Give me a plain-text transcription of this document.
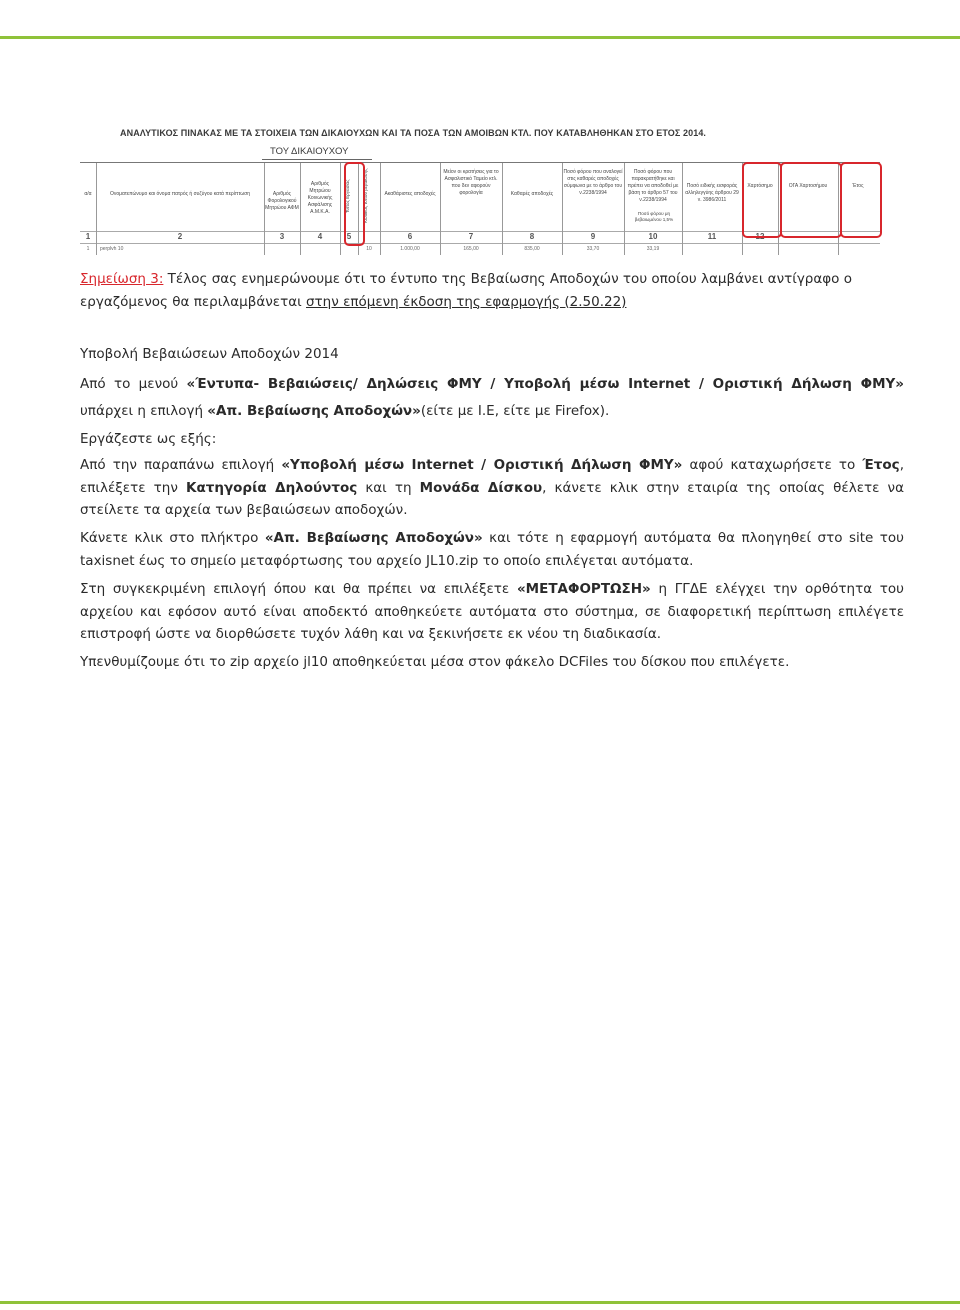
ΑΝΑΛΥΤΙΚΟΣ ΠΙΝΑΚΑΣ ΜΕ ΤΑ ΣΤΟΙΧΕΙΑ ΤΩΝ ΔΙΚΑΙΟΥΧΩΝ ΚΑΙ ΤΑ ΠΟΣΑ ΤΩΝ ΑΜΟΙΒΩΝ ΚΤΛ. ΠΟΥ ΚΑΤΑΒΛΗΘΗΚΑΝ ΣΤΟ ΕΤΟΣ 2014.
ΤΟΥ ΔΙΚΑΙΟΥΧΟΥ
α/α
1
1
Ονοματεπώνυμο και όνομα πατρός ή συζύγου κατά περίπτωση
2
perplvh 10
Αριθμός Φορολογικού Μητρώου ΑΦΜ
3
Αριθμός Μητρώου Κοινωνικής Ασφάλισης Α.Μ.Κ.Α.
4
Τύπος Εργασίας
5
Κωδικός τύπου βεβαίωσης
10
Ακαθάριστες αποδοχές
6
1.000,00
Μείον οι κρατήσεις για το Ασφαλιστικό Ταμείο κτλ. που δεν αφορούν φορολογία
7
165,00
Καθαρές αποδοχές
8
835,00
Ποσό φόρου που αναλογεί στις καθαρές αποδοχές σύμφωνα με το άρθρο του ν.2238/1994
9
33,70
Ποσό φόρου που παρακρατήθηκε και πρέπει να αποδοθεί με βάση το άρθρο 57 του ν.2238/1994
10
33,19
Ποσό ειδικής εισφοράς αλληλεγγύης άρθρου 29 ν. 3986/2011
11
Χαρτόσημο
12
ΟΓΑ Χαρτοσήμου	Έτος
Ποσό φόρου μη βεβαιωμένου 1,5%
Σημείωση 3: Τέλος σας ενημερώνουμε ότι το έντυπο της Βεβαίωσης Αποδοχών του οποίου λαμβάνει αντίγραφο ο εργαζόμενος θα περιλαμβάνεται στην επόμενη έκδοση της εφαρμογής (2.50.22)
Υποβολή Βεβαιώσεων Αποδοχών 2014
Από το μενού «Έντυπα- Βεβαιώσεις/ Δηλώσεις ΦΜΥ / Υποβολή μέσω Internet / Οριστική Δήλωση ΦΜΥ» υπάρχει η επιλογή «Απ. Βεβαίωσης Αποδοχών»(είτε με I.E, είτε με Firefox).
Εργάζεστε ως εξής:
Από την παραπάνω επιλογή «Υποβολή μέσω Internet / Οριστική Δήλωση ΦΜΥ» αφού καταχωρήσετε το Έτος, επιλέξετε την Κατηγορία Δηλούντος και τη Μονάδα Δίσκου, κάνετε κλικ στην εταιρία της οποίας θέλετε να στείλετε τα αρχεία των βεβαιώσεων αποδοχών.
Κάνετε κλικ στο πλήκτρο «Απ. Βεβαίωσης Αποδοχών» και τότε η εφαρμογή αυτόματα θα πλοηγηθεί στο site του taxisnet έως το σημείο μεταφόρτωσης του αρχείο JL10.zip το οποίο επιλέγεται αυτόματα.
Στη συγκεκριμένη επιλογή όπου και θα πρέπει να επιλέξετε «ΜΕΤΑΦΟΡΤΩΣΗ» η ΓΓΔΕ ελέγχει την ορθότητα του αρχείου και εφόσον αυτό είναι αποδεκτό αποθηκεύετε αυτόματα στο σύστημα, σε διαφορετική περίπτωση επιλέγετε επιστροφή ώστε να διορθώσετε τυχόν λάθη και να ξεκινήσετε εκ νέου τη διαδικασία.
Υπενθυμίζουμε ότι το zip αρχείο jl10 αποθηκεύεται μέσα στον φάκελο DCFiles του δίσκου που επιλέγετε.
